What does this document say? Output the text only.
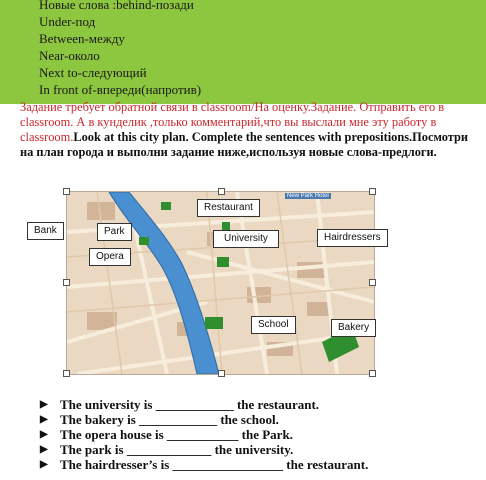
Новые слова :behind-позади
Under-под
Between-между
Near-около
Next to-следующий
In front of-впереди(напротив)
Задание требует обратной связи в classroom/На оценку.Задание. Отправить его в classroom. А в кунделик ,только комментарий,что вы выслали мне эту работу в classroom.Look at this city plan. Complete the sentences with prepositions.Посмотри на план города и выполни задание ниже,используя новые слова-предлоги.
New Park Hotel
Restaurant
Bank	Park
University	Hairdressers
Opera
School	Bakery
▶ The university is ____________ the restaurant.
▶ The bakery is ____________ the school.
▶ The opera house is ___________ the Park.
▶ The park is _____________ the university.
▶ The hairdresser’s is _________________ the restaurant.
